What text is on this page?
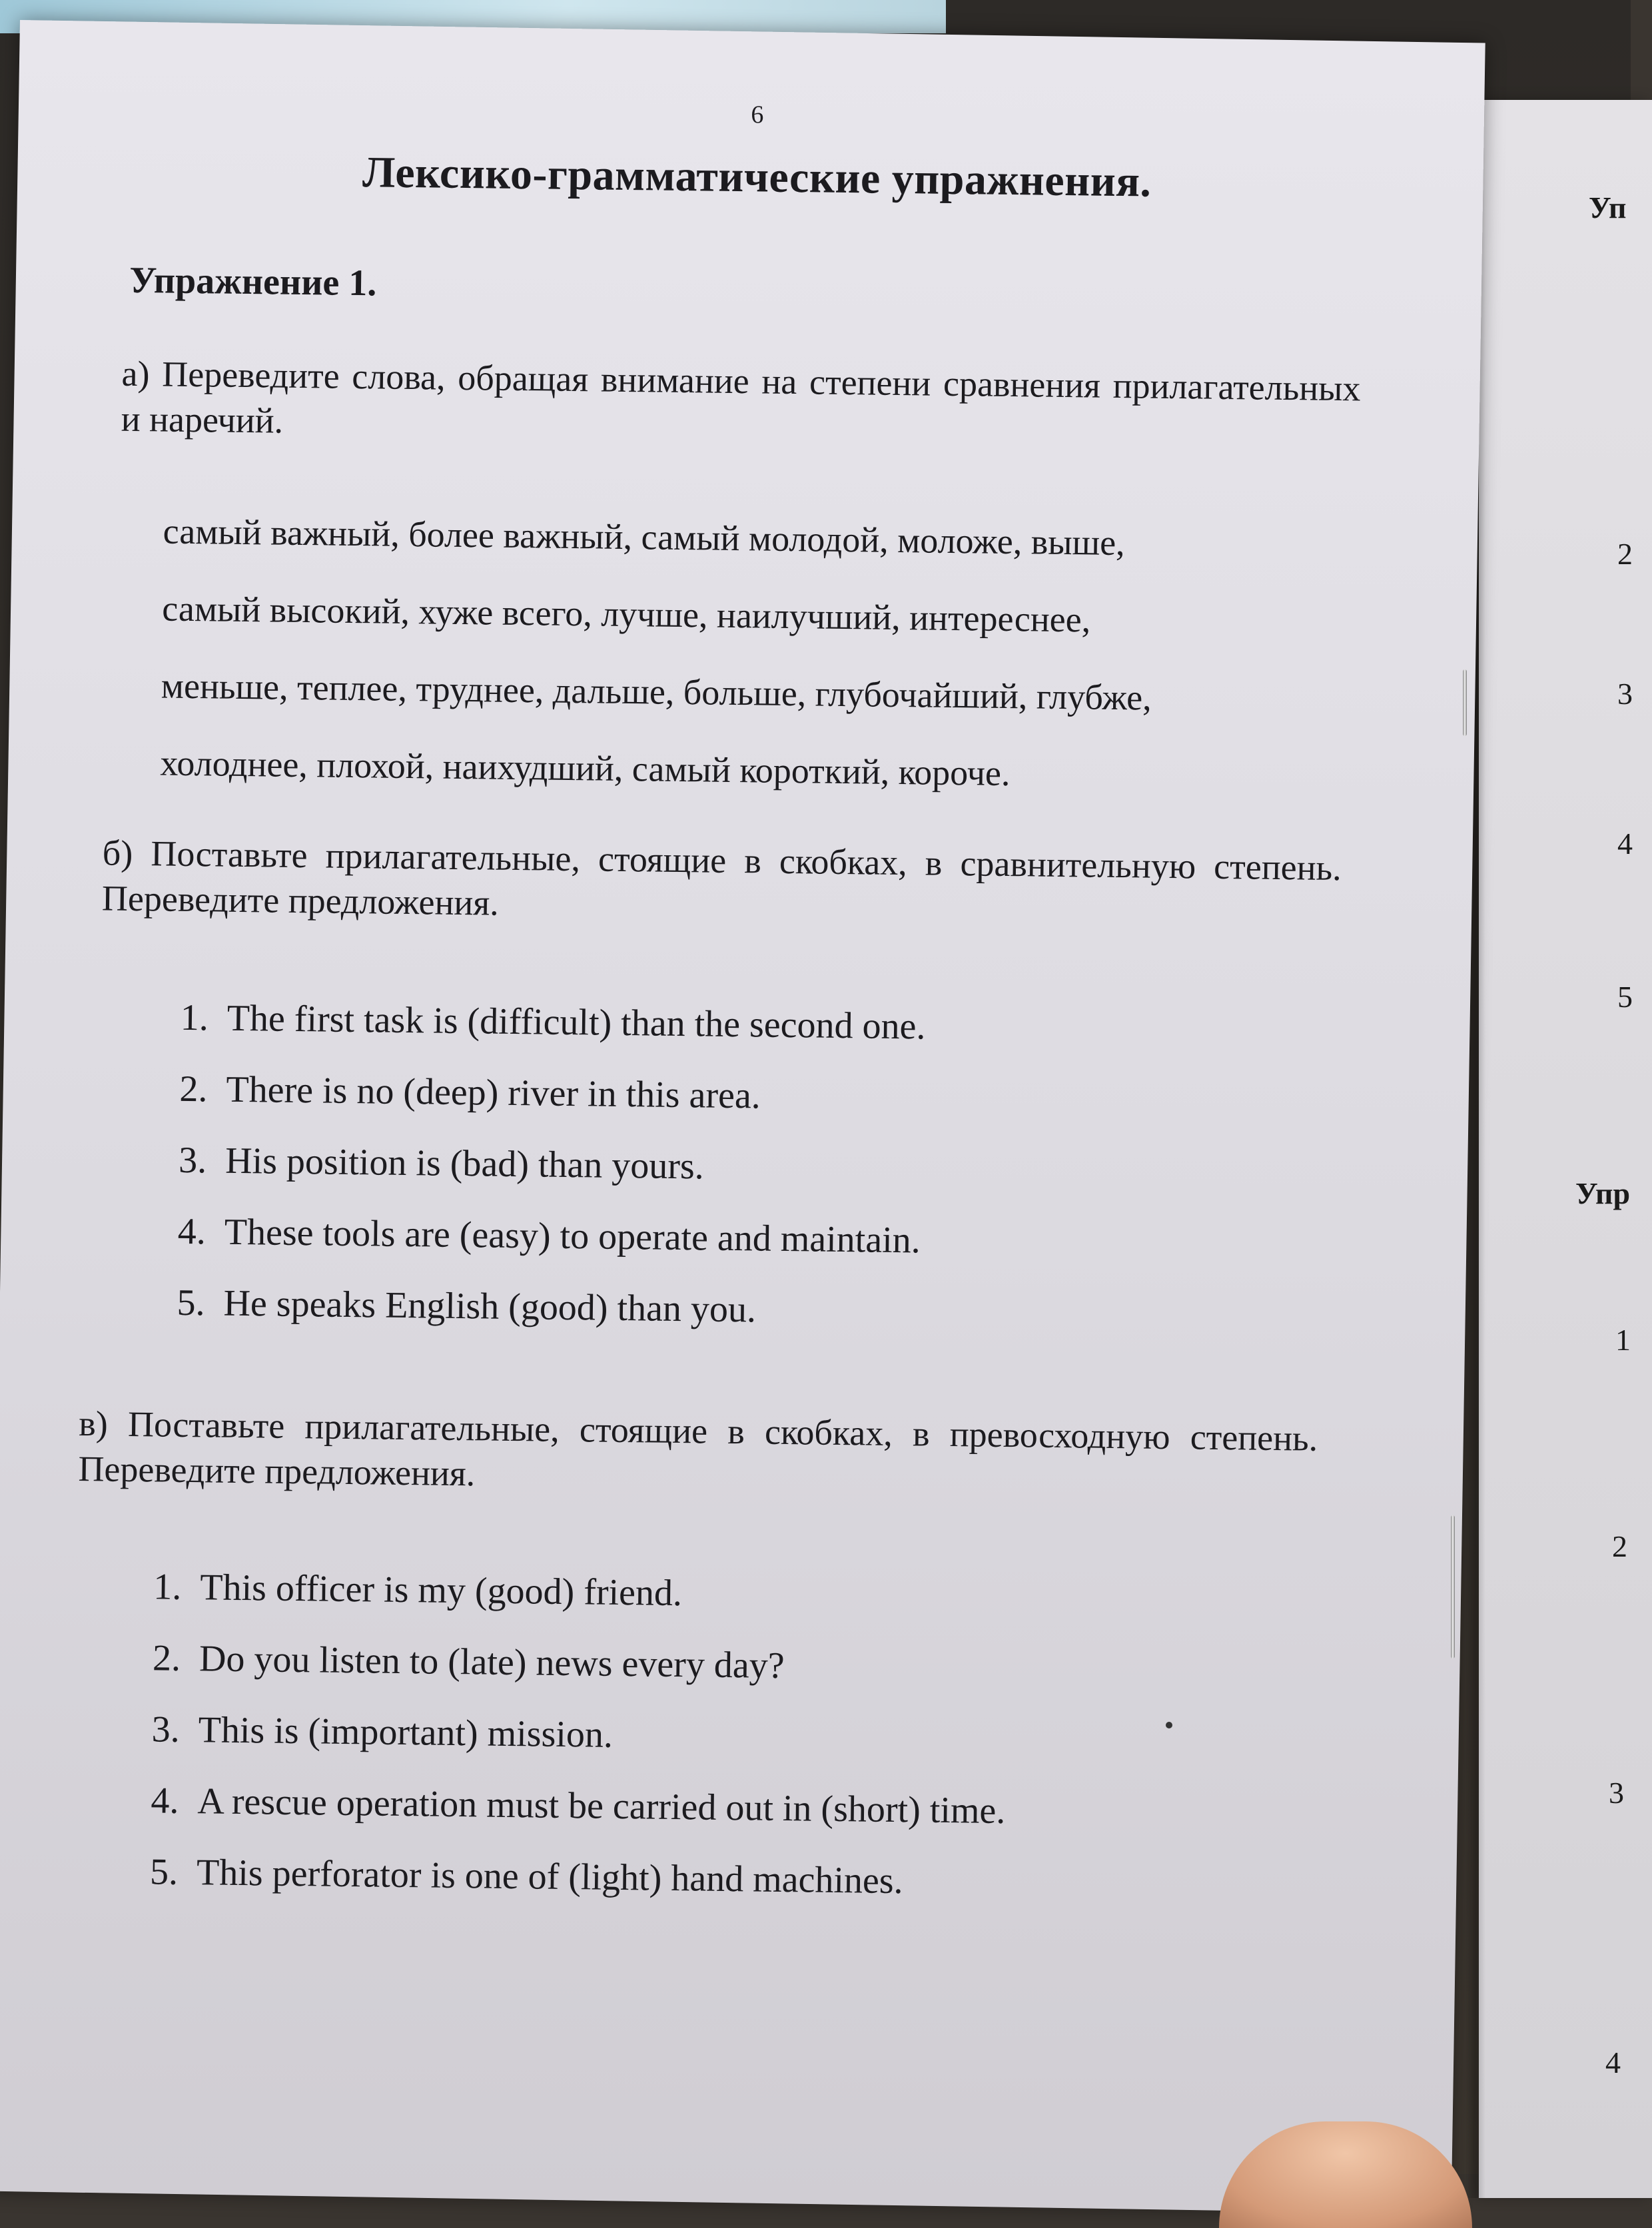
Уп
Упр
2
3
4
5
1
2
3
4
6
Лексико-грамматические упражнения.
Упражнение 1.
а) Переведите слова, обращая внимание на степени сравнения прилагательных и наречий.
самый важный, более важный, самый молодой, моложе, выше,
самый высокий, хуже всего, лучше, наилучший, интереснее,
меньше, теплее, труднее, дальше, больше, глубочайший, глубже,
холоднее, плохой, наихудший, самый короткий, короче.
б) Поставьте прилагательные, стоящие в скобках, в сравнительную степень. Переведите предложения.
1. The first task is (difficult) than the second one.
2. There is no (deep) river in this area.
3. His position is (bad) than yours.
4. These tools are (easy) to operate and maintain.
5. He speaks English (good) than you.
в) Поставьте прилагательные, стоящие в скобках, в превосходную степень. Переведите предложения.
1. This officer is my (good) friend.
2. Do you listen to (late) news every day?
3. This is (important) mission.
4. A rescue operation must be carried out in (short) time.
5. This perforator is one of (light) hand machines.
